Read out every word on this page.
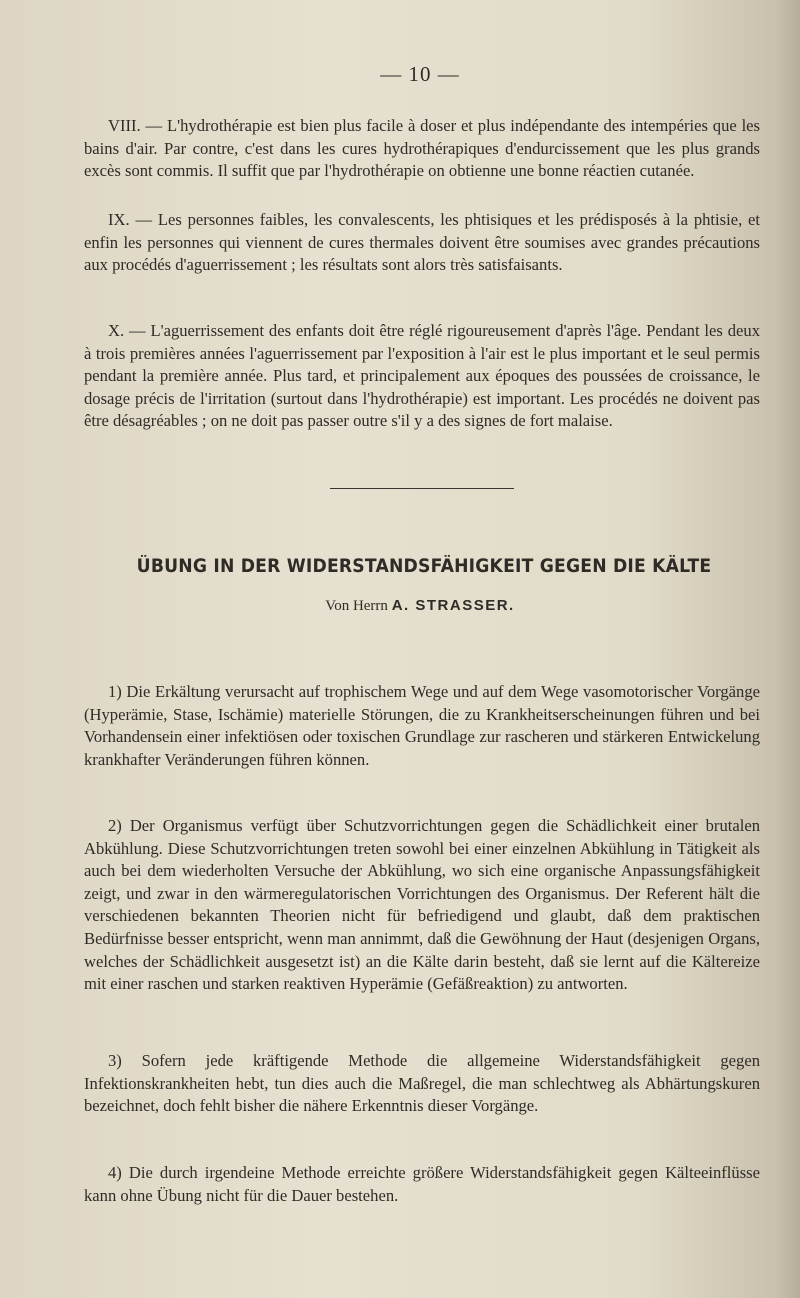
— 10 —

VIII. — L'hydrothérapie est bien plus facile à doser et plus indépendante des intempéries que les bains d'air. Par contre, c'est dans les cures hydrothérapiques d'endurcissement que les plus grands excès sont commis. Il suffit que par l'hydrothérapie on obtienne une bonne réactien cutanée.

IX. — Les personnes faibles, les convalescents, les phtisiques et les prédisposés à la phtisie, et enfin les personnes qui viennent de cures thermales doivent être soumises avec grandes précautions aux procédés d'aguerrissement ; les résultats sont alors très satisfaisants.

X. — L'aguerrissement des enfants doit être réglé rigoureusement d'après l'âge. Pendant les deux à trois premières années l'aguerrissement par l'exposition à l'air est le plus important et le seul permis pendant la première année. Plus tard, et principalement aux époques des poussées de croissance, le dosage précis de l'irritation (surtout dans l'hydrothérapie) est important. Les procédés ne doivent pas être désagréables ; on ne doit pas passer outre s'il y a des signes de fort malaise.

ÜBUNG IN DER WIDERSTANDSFÄHIGKEIT GEGEN DIE KÄLTE
Von Herrn A. STRASSER.

1) Die Erkältung verursacht auf trophischem Wege und auf dem Wege vasomotorischer Vorgänge (Hyperämie, Stase, Ischämie) materielle Störungen, die zu Krankheitserscheinungen führen und bei Vorhandensein einer infektiösen oder toxischen Grundlage zur rascheren und stärkeren Entwickelung krankhafter Veränderungen führen können.

2) Der Organismus verfügt über Schutzvorrichtungen gegen die Schädlichkeit einer brutalen Abkühlung. Diese Schutzvorrichtungen treten sowohl bei einer einzelnen Abkühlung in Tätigkeit als auch bei dem wiederholten Versuche der Abkühlung, wo sich eine organische Anpassungsfähigkeit zeigt, und zwar in den wärmeregulatorischen Vorrichtungen des Organismus. Der Referent hält die verschiedenen bekannten Theorien nicht für befriedigend und glaubt, daß dem praktischen Bedürfnisse besser entspricht, wenn man annimmt, daß die Gewöhnung der Haut (desjenigen Organs, welches der Schädlichkeit ausgesetzt ist) an die Kälte darin besteht, daß sie lernt auf die Kältereize mit einer raschen und starken reaktiven Hyperämie (Gefäßreaktion) zu antworten.

3) Sofern jede kräftigende Methode die allgemeine Widerstandsfähigkeit gegen Infektionskrankheiten hebt, tun dies auch die Maßregel, die man schlechtweg als Abhärtungskuren bezeichnet, doch fehlt bisher die nähere Erkenntnis dieser Vorgänge.

4) Die durch irgendeine Methode erreichte größere Widerstandsfähigkeit gegen Kälteeinflüsse kann ohne Übung nicht für die Dauer bestehen.
